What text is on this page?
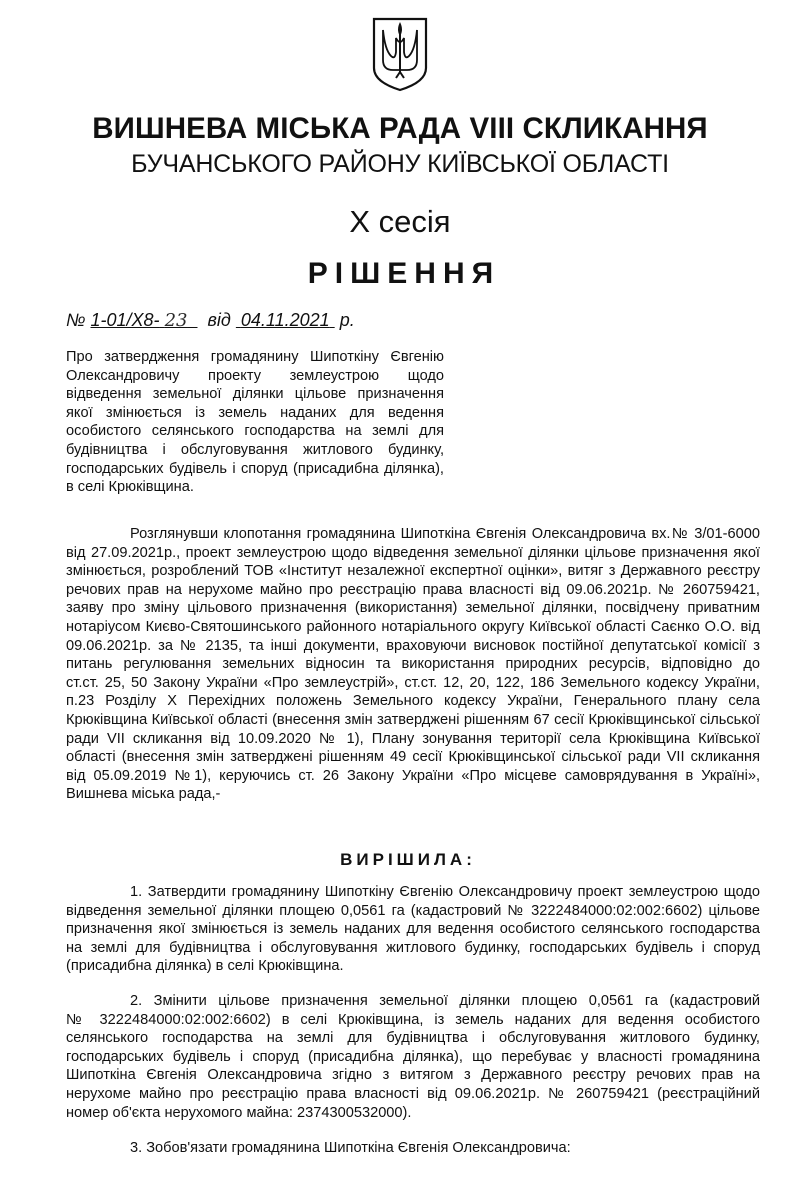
ВИШНЕВА МІСЬКА РАДА VIII СКЛИКАННЯ
БУЧАНСЬКОГО РАЙОНУ КИЇВСЬКОЇ ОБЛАСТІ
Х сесія
РІШЕННЯ
№ 1-01/Х8- 23 від 04.11.2021 р.
Про затвердження громадянину Шипоткіну Євгенію
Олександровичу проекту землеустрою щодо
відведення земельної ділянки цільове призначення
якої змінюється із земель наданих для ведення
особистого селянського господарства на землі для
будівництва і обслуговування житлового будинку,
господарських будівель і споруд (присадибна ділянка),
в селі Крюківщина.
Розглянувши клопотання громадянина Шипоткіна Євгенія Олександровича вх.№ 3/01-6000
від 27.09.2021р., проект землеустрою щодо відведення земельної ділянки цільове призначення якої
змінюється, розроблений ТОВ «Інститут незалежної експертної оцінки», витяг з Державного реєстру
речових прав на нерухоме майно про реєстрацію права власності від 09.06.2021р. № 260759421,
заяву про зміну цільового призначення (використання) земельної ділянки, посвідчену приватним
нотаріусом Києво-Святошинського районного нотаріального округу Київської області Саєнко О.О. від
09.06.2021р. за № 2135, та інші документи, враховуючи висновок постійної депутатської комісії з
питань регулювання земельних відносин та використання природних ресурсів, відповідно до
ст.ст. 25, 50 Закону України «Про землеустрій», ст.ст. 12, 20, 122, 186 Земельного кодексу України,
п.23 Розділу Х Перехідних положень Земельного кодексу України, Генерального плану села
Крюківщина Київської області (внесення змін затверджені рішенням 67 сесії Крюківщинської сільської
ради VII скликання від 10.09.2020 № 1), Плану зонування території села Крюківщина Київської
області (внесення змін затверджені рішенням 49 сесії Крюківщинської сільської ради VII скликання
від 05.09.2019 №1), керуючись ст. 26 Закону України «Про місцеве самоврядування в Україні»,
Вишнева міська рада,-
ВИРІШИЛА:
1. Затвердити громадянину Шипоткіну Євгенію Олександровичу проект землеустрою щодо
відведення земельної ділянки площею 0,0561 га (кадастровий № 3222484000:02:002:6602) цільове
призначення якої змінюється із земель наданих для ведення особистого селянського господарства
на землі для будівництва і обслуговування житлового будинку, господарських будівель і споруд
(присадибна ділянка) в селі Крюківщина.
2. Змінити цільове призначення земельної ділянки площею 0,0561 га (кадастровий
№ 3222484000:02:002:6602) в селі Крюківщина, із земель наданих для ведення особистого
селянського господарства на землі для будівництва і обслуговування житлового будинку,
господарських будівель і споруд (присадибна ділянка), що перебуває у власності громадянина
Шипоткіна Євгенія Олександровича згідно з витягом з Державного реєстру речових прав на
нерухоме майно про реєстрацію права власності від 09.06.2021р. № 260759421 (реєстраційний
номер об'єкта нерухомого майна: 2374300532000).
3. Зобов'язати громадянина Шипоткіна Євгенія Олександровича:
